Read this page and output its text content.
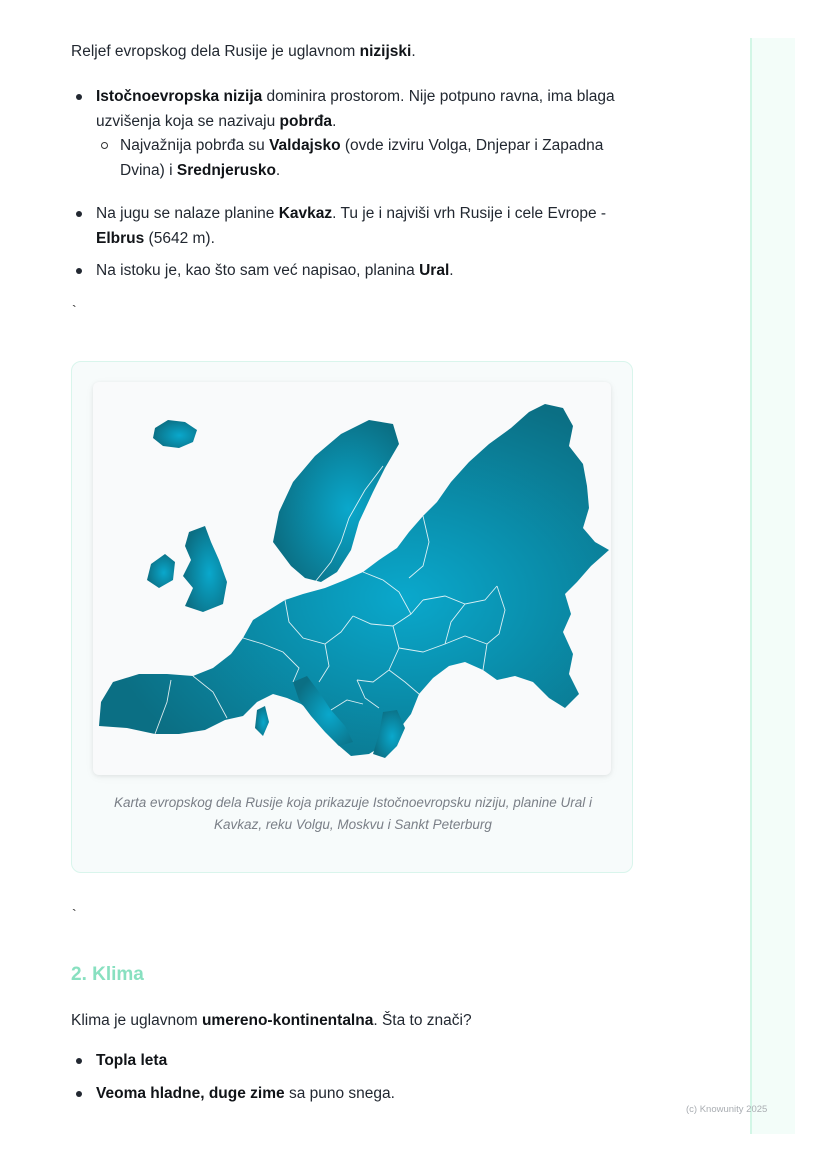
Reljef evropskog dela Rusije je uglavnom nizijski.

Istočnoevropska nizija dominira prostorom. Nije potpuno ravna, ima blaga uzvišenja koja se nazivaju pobrđa.
Najvažnija pobrđa su Valdajsko (ovde izviru Volga, Dnjepar i Zapadna Dvina) i Srednjerusko.
Na jugu se nalaze planine Kavkaz. Tu je i najviši vrh Rusije i cele Evrope - Elbrus (5642 m).
Na istoku je, kao što sam već napisao, planina Ural.
`
Karta evropskog dela Rusije koja prikazuje Istočnoevropsku niziju, planine Ural i Kavkaz, reku Volgu, Moskvu i Sankt Peterburg
`
2. Klima

Klima je uglavnom umereno-kontinentalna. Šta to znači?

Topla leta
Veoma hladne, duge zime sa puno snega.
(c) Knowunity 2025
